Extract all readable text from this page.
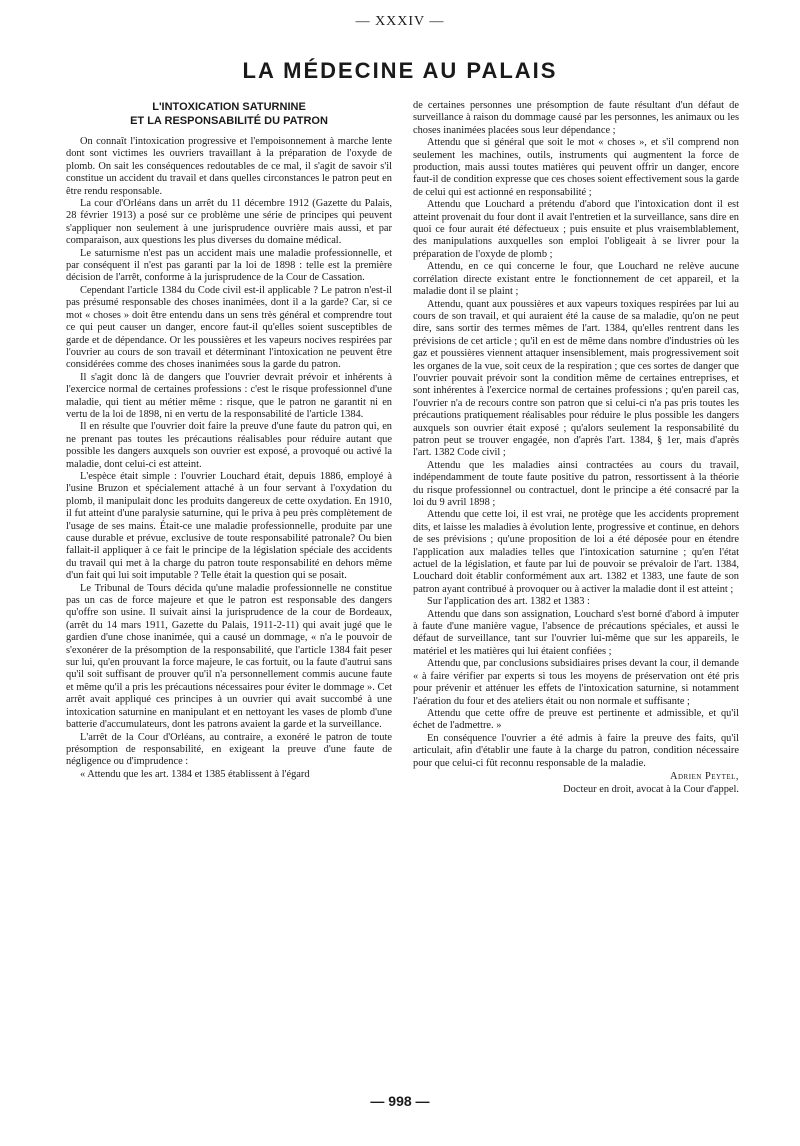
— XXXIV —
LA MÉDECINE AU PALAIS
L'INTOXICATION SATURNINE
ET LA RESPONSABILITÉ DU PATRON

On connaît l'intoxication progressive et l'empoisonnement à marche lente dont sont victimes les ouvriers travaillant à la préparation de l'oxyde de plomb. On sait les conséquences redoutables de ce mal, il s'agit de savoir s'il constitue un accident du travail et dans quelles circonstances le patron peut en être rendu responsable.

La cour d'Orléans dans un arrêt du 11 décembre 1912 (Gazette du Palais, 28 février 1913) a posé sur ce problème une série de principes qui peuvent s'appliquer non seulement à une jurisprudence ouvrière mais aussi, et par comparaison, aux questions les plus diverses du domaine médical.

Le saturnisme n'est pas un accident mais une maladie professionnelle, et par conséquent il n'est pas garanti par la loi de 1898 : telle est la première décision de l'arrêt, conforme à la jurisprudence de la Cour de Cassation.

Cependant l'article 1384 du Code civil est-il applicable ? Le patron n'est-il pas présumé responsable des choses inanimées, dont il a la garde? Car, si ce mot « choses » doit être entendu dans un sens très général et comprendre tout ce qui peut causer un danger, encore faut-il qu'elles soient susceptibles de garde et de dépendance. Or les poussières et les vapeurs nocives respirées par l'ouvrier au cours de son travail et déterminant l'intoxication ne peuvent être considérées comme des choses inanimées sous la garde du patron.

Il s'agit donc là de dangers que l'ouvrier devrait prévoir et inhérents à l'exercice normal de certaines professions : c'est le risque professionnel d'une maladie, qui tient au métier même : risque, que le patron ne garantit ni en vertu de la loi de 1898, ni en vertu de la responsabilité de l'article 1384.

Il en résulte que l'ouvrier doit faire la preuve d'une faute du patron qui, en ne prenant pas toutes les précautions réalisables pour réduire autant que possible les dangers auxquels son ouvrier est exposé, a provoqué ou activé la maladie, dont celui-ci est atteint.

L'espèce était simple : l'ouvrier Louchard était, depuis 1886, employé à l'usine Bruzon et spécialement attaché à un four servant à l'oxydation du plomb, il manipulait donc les produits dangereux de cette oxydation. En 1910, il fut atteint d'une paralysie saturnine, qui le priva à peu près complètement de l'usage de ses mains. Était-ce une maladie professionnelle, produite par une cause durable et prévue, exclusive de toute responsabilité patronale? Ou bien fallait-il appliquer à ce fait le principe de la législation spéciale des accidents du travail qui met à la charge du patron toute responsabilité en dehors même d'un fait qui lui soit imputable ? Telle était la question qui se posait.

Le Tribunal de Tours décida qu'une maladie professionnelle ne constitue pas un cas de force majeure et que le patron est responsable des dangers qu'offre son usine. Il suivait ainsi la jurisprudence de la cour de Bordeaux, (arrêt du 14 mars 1911, Gazette du Palais, 1911-2-11) qui avait jugé que le gardien d'une chose inanimée, qui a causé un dommage, « n'a le pouvoir de s'exonérer de la présomption de la responsabilité, que l'article 1384 fait peser sur lui, qu'en prouvant la force majeure, le cas fortuit, ou la faute d'autrui sans qu'il soit suffisant de prouver qu'il n'a personnellement commis aucune faute et même qu'il a pris les précautions nécessaires pour éviter le dommage ». Cet arrêt avait appliqué ces principes à un ouvrier qui avait succombé à une intoxication saturnine en manipulant et en nettoyant les vases de plomb d'une batterie d'accumulateurs, dont les patrons avaient la garde et la surveillance.

L'arrêt de la Cour d'Orléans, au contraire, a exonéré le patron de toute présomption de responsabilité, en exigeant la preuve d'une faute de négligence ou d'imprudence :

« Attendu que les art. 1384 et 1385 établissent à l'égard

de certaines personnes une présomption de faute résultant d'un défaut de surveillance à raison du dommage causé par les personnes, les animaux ou les choses inanimées placées sous leur dépendance ;

Attendu que si général que soit le mot « choses », et s'il comprend non seulement les machines, outils, instruments qui augmentent la force de production, mais aussi toutes matières qui peuvent offrir un danger, encore faut-il de condition expresse que ces choses soient effectivement sous la garde de celui qui est actionné en responsabilité ;

Attendu que Louchard a prétendu d'abord que l'intoxication dont il est atteint provenait du four dont il avait l'entretien et la surveillance, sans dire en quoi ce four aurait été défectueux ; puis ensuite et plus vraisemblablement, des manipulations auxquelles son emploi l'obligeait à se livrer pour la préparation de l'oxyde de plomb ;

Attendu, en ce qui concerne le four, que Louchard ne relève aucune corrélation directe existant entre le fonctionnement de cet appareil, et la maladie dont il se plaint ;

Attendu, quant aux poussières et aux vapeurs toxiques respirées par lui au cours de son travail, et qui auraient été la cause de sa maladie, qu'on ne peut dire, sans sortir des termes mêmes de l'art. 1384, qu'elles rentrent dans les prévisions de cet article ; qu'il en est de même dans nombre d'industries où les gaz et poussières viennent attaquer insensiblement, mais progressivement soit les organes de la vue, soit ceux de la respiration ; que ces sortes de danger que l'ouvrier pouvait prévoir sont la condition même de certaines entreprises, et sont inhérentes à l'exercice normal de certaines professions ; qu'en pareil cas, l'ouvrier n'a de recours contre son patron que si celui-ci n'a pas pris toutes les précautions pratiquement réalisables pour réduire le plus possible les dangers auxquels son ouvrier était exposé ; qu'alors seulement la responsabilité du patron peut se trouver engagée, non d'après l'art. 1384, § 1er, mais d'après l'art. 1382 Code civil ;

Attendu que les maladies ainsi contractées au cours du travail, indépendamment de toute faute positive du patron, ressortissent à la théorie du risque professionnel ou contractuel, dont le principe a été consacré par la loi du 9 avril 1898 ;

Attendu que cette loi, il est vrai, ne protège que les accidents proprement dits, et laisse les maladies à évolution lente, progressive et continue, en dehors de ses prévisions ; qu'une proposition de loi a été déposée pour en étendre l'application aux maladies telles que l'intoxication saturnine ; qu'en l'état actuel de la législation, et faute par lui de pouvoir se prévaloir de l'art. 1384, Louchard doit établir conformément aux art. 1382 et 1383, une faute de son patron ayant contribué à provoquer ou à activer la maladie dont il est atteint ;

Sur l'application des art. 1382 et 1383 :

Attendu que dans son assignation, Louchard s'est borné d'abord à imputer à faute d'une manière vague, l'absence de précautions spéciales, et aussi le défaut de surveillance, tant sur l'ouvrier lui-même que sur les appareils, le matériel et les matières qui lui étaient confiées ;

Attendu que, par conclusions subsidiaires prises devant la cour, il demande « à faire vérifier par experts si tous les moyens de préservation ont été pris pour prévenir et atténuer les effets de l'intoxication saturnine, si notamment l'aération du four et des ateliers était ou non normale et suffisante ;

Attendu que cette offre de preuve est pertinente et admissible, et qu'il échet de l'admettre. »

En conséquence l'ouvrier a été admis à faire la preuve des faits, qu'il articulait, afin d'établir une faute à la charge du patron, condition nécessaire pour que celui-ci fût reconnu responsable de la maladie.

Adrien Peytel,

Docteur en droit, avocat à la Cour d'appel.

— 998 —
